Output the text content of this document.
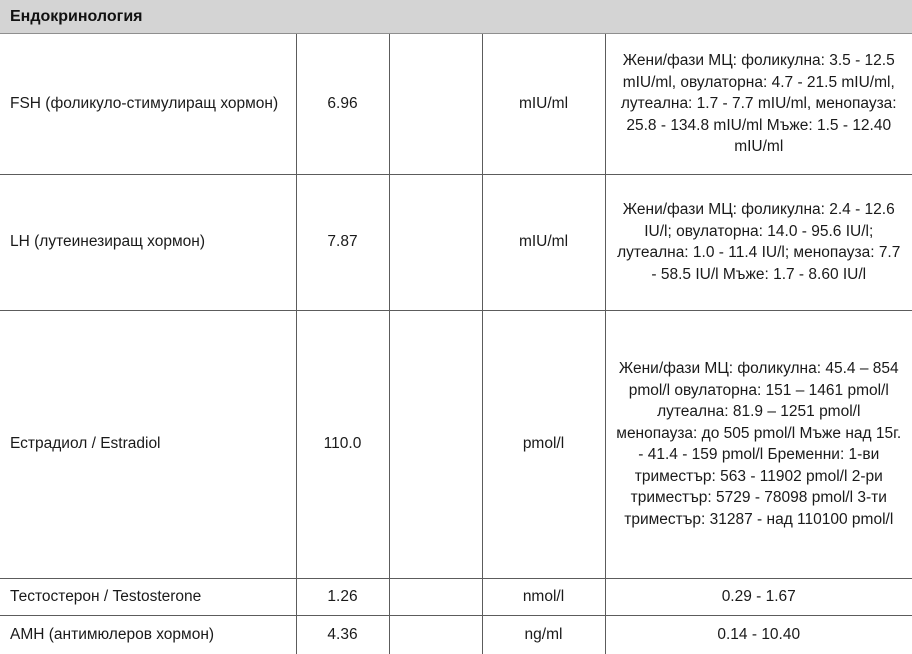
Ендокринология
FSH (фоликуло-стимулиращ хормон)	6.96		mIU/ml	Жени/фази МЦ: фоликулна: 3.5 - 12.5 mIU/ml, овулаторна: 4.7 - 21.5 mIU/ml, лутеална: 1.7 - 7.7 mIU/ml, менопауза: 25.8 - 134.8 mIU/ml Мъже: 1.5 - 12.40 mIU/ml
LH (лутеинезиращ хормон)	7.87		mIU/ml	Жени/фази МЦ: фоликулна: 2.4 - 12.6 IU/l; овулаторна: 14.0 - 95.6 IU/l; лутеална: 1.0 - 11.4 IU/l; менопауза: 7.7 - 58.5 IU/l Мъже: 1.7 - 8.60 IU/l
Естрадиол / Estradiol	110.0		pmol/l	Жени/фази МЦ: фоликулна: 45.4 – 854 pmol/l овулаторна: 151 – 1461 pmol/l лутеална: 81.9 – 1251 pmol/l менопауза: до 505 pmol/l Мъже над 15г. - 41.4 - 159 pmol/l Бременни: 1-ви триместър: 563 - 11902 pmol/l 2-ри триместър: 5729 - 78098 pmol/l 3-ти триместър: 31287 - над 110100 pmol/l
Тестостерон / Testosterone	1.26		nmol/l	0.29 - 1.67
АМН (антимюлеров хормон)	4.36		ng/ml	0.14 - 10.40
